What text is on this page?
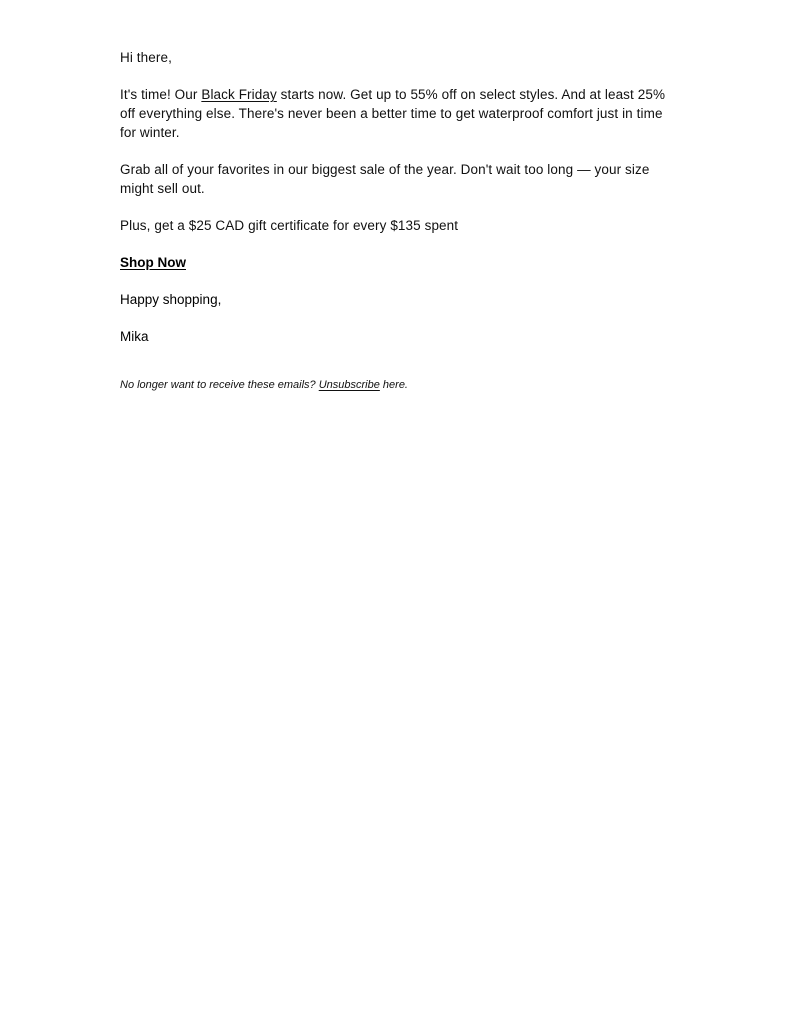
Hi there,

It's time! Our Black Friday starts now. Get up to 55% off on select styles. And at least 25% off everything else. There's never been a better time to get waterproof comfort just in time for winter.

Grab all of your favorites in our biggest sale of the year. Don't wait too long — your size might sell out.

Plus, get a $25 CAD gift certificate for every $135 spent

Shop Now

Happy shopping,

Mika

No longer want to receive these emails? Unsubscribe here.
